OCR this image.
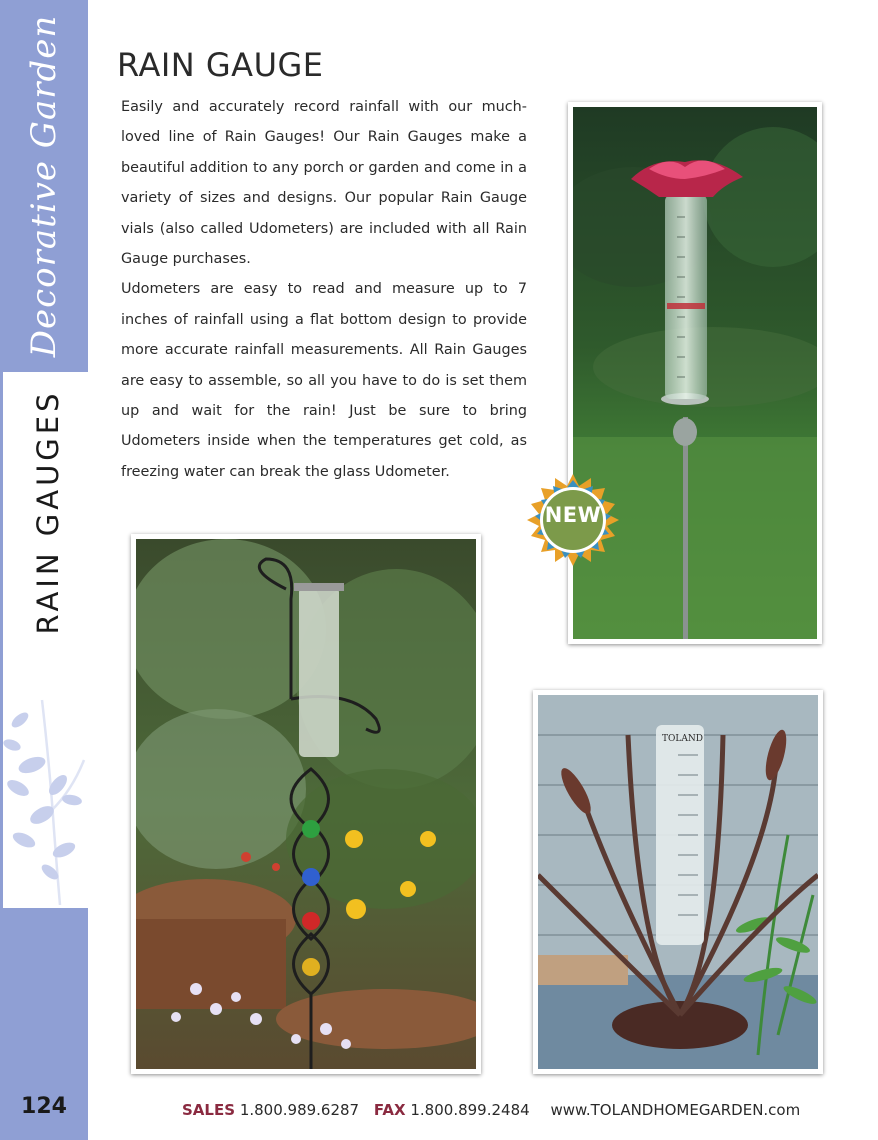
Decorative Garden
RAIN GAUGES
124
RAIN GAUGE

Easily and accurately record rainfall with our much-loved line of Rain Gauges! Our Rain Gauges make a beautiful addition to any porch or garden and come in a variety of sizes and designs. Our popular Rain Gauge vials (also called Udometers) are included with all Rain Gauge purchases.

Udometers are easy to read and measure up to 7 inches of rainfall using a flat bottom design to provide more accurate rainfall measurements. All Rain Gauges are easy to assemble, so all you have to do is set them up and wait for the rain! Just be sure to bring Udometers inside when the temperatures get cold, as freezing water can break the glass Udometer.

NEW
TOLAND
SALES 1.800.989.6287 FAX 1.800.899.2484 www.TOLANDHOMEGARDEN.com
